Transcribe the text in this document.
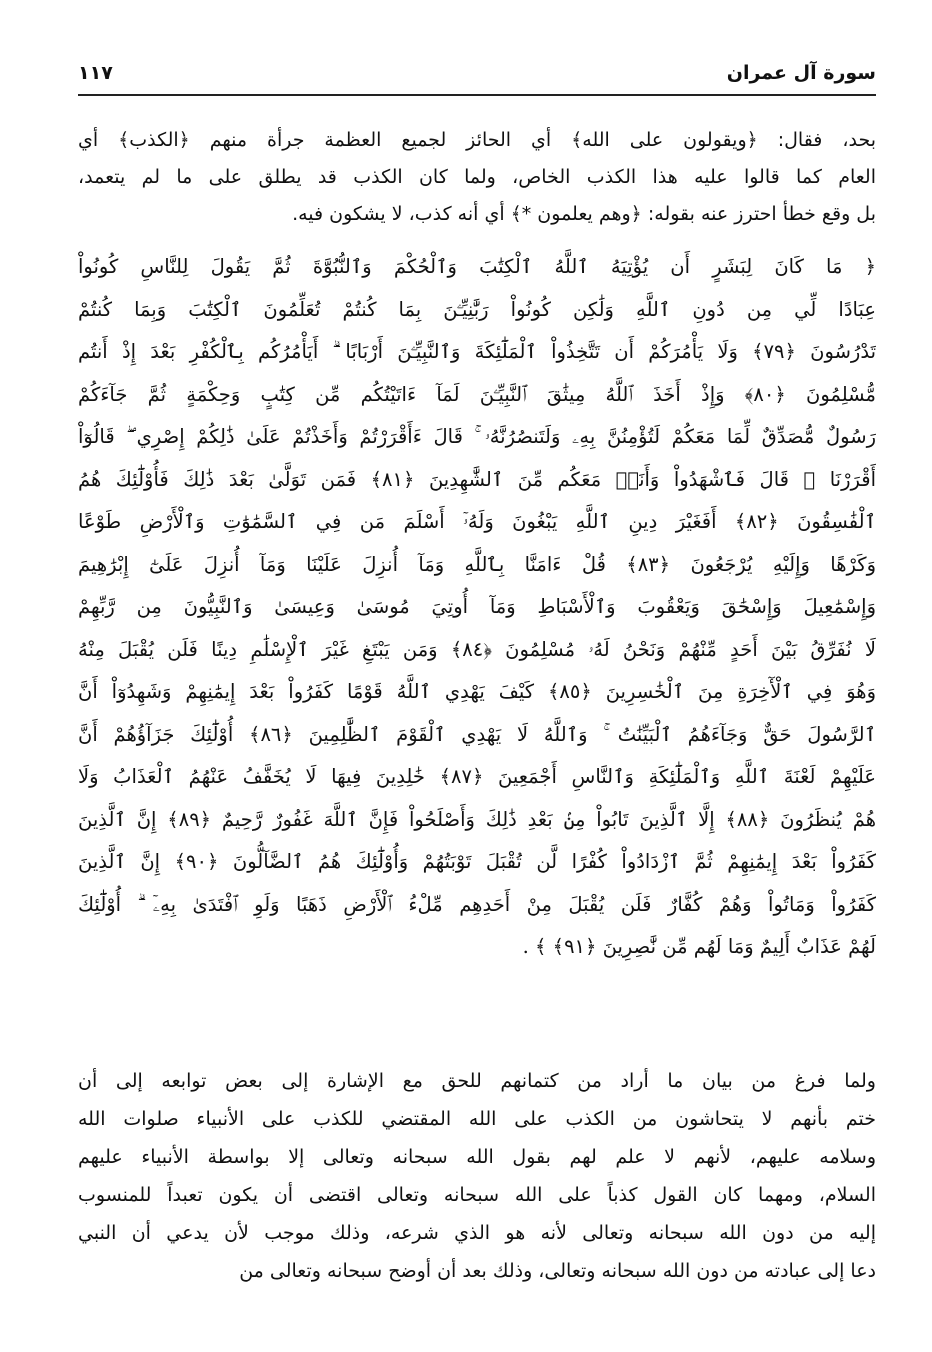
سورة آل عمران
١١٧
بحد، فقال: ﴿ويقولون على الله﴾ أي الحائز لجميع العظمة جرأة منهم ﴿الكذب﴾ أي
العام كما قالوا عليه هذا الكذب الخاص، ولما كان الكذب قد يطلق على ما لم يتعمد،
بل وقع خطأ احترز عنه بقوله: ﴿وهم يعلمون *﴾ أي أنه كذب، لا يشكون فيه.
﴿ مَا كَانَ لِبَشَرٍ أَن يُؤْتِيَهُ ٱللَّهُ ٱلْكِتَٰبَ وَٱلْحُكْمَ وَٱلنُّبُوَّةَ ثُمَّ يَقُولَ لِلنَّاسِ كُونُواْ
عِبَادًا لِّي مِن دُونِ ٱللَّهِ وَلَٰكِن كُونُواْ رَبَّٰنِيِّـۧنَ بِمَا كُنتُمْ تُعَلِّمُونَ ٱلْكِتَٰبَ وَبِمَا كُنتُمْ
تَدْرُسُونَ ﴿٧٩﴾ وَلَا يَأْمُرَكُمْ أَن تَتَّخِذُواْ ٱلْمَلَٰٓئِكَةَ وَٱلنَّبِيِّـۧنَ أَرْبَابًا ۗ أَيَأْمُرُكُم بِٱلْكُفْرِ بَعْدَ إِذْ أَنتُم
مُّسْلِمُونَ ﴿٨٠﴾ وَإِذْ أَخَذَ ٱللَّهُ مِيثَٰقَ ٱلنَّبِيِّـۧنَ لَمَآ ءَاتَيْتُكُم مِّن كِتَٰبٍ وَحِكْمَةٍ ثُمَّ جَآءَكُمْ
رَسُولٌ مُّصَدِّقٌ لِّمَا مَعَكُمْ لَتُؤْمِنُنَّ بِهِۦ وَلَتَنصُرُنَّهُۥ ۚ قَالَ ءَأَقْرَرْتُمْ وَأَخَذْتُمْ عَلَىٰ ذَٰلِكُمْ إِصْرِي ۖ قَالُوٓاْ
أَقْرَرْنَا ۚ قَالَ فَٱشْهَدُواْ وَأَنَا۠ مَعَكُم مِّنَ ٱلشَّٰهِدِينَ ﴿٨١﴾ فَمَن تَوَلَّىٰ بَعْدَ ذَٰلِكَ فَأُوْلَٰٓئِكَ هُمُ
ٱلْفَٰسِقُونَ ﴿٨٢﴾ أَفَغَيْرَ دِينِ ٱللَّهِ يَبْغُونَ وَلَهُۥٓ أَسْلَمَ مَن فِي ٱلسَّمَٰوَٰتِ وَٱلْأَرْضِ طَوْعًا
وَكَرْهًا وَإِلَيْهِ يُرْجَعُونَ ﴿٨٣﴾ قُلْ ءَامَنَّا بِٱللَّهِ وَمَآ أُنزِلَ عَلَيْنَا وَمَآ أُنزِلَ عَلَىٰٓ إِبْرَٰهِيمَ
وَإِسْمَٰعِيلَ وَإِسْحَٰقَ وَيَعْقُوبَ وَٱلْأَسْبَاطِ وَمَآ أُوتِيَ مُوسَىٰ وَعِيسَىٰ وَٱلنَّبِيُّونَ مِن رَّبِّهِمْ
لَا نُفَرِّقُ بَيْنَ أَحَدٍ مِّنْهُمْ وَنَحْنُ لَهُۥ مُسْلِمُونَ ﴿٨٤﴾ وَمَن يَبْتَغِ غَيْرَ ٱلْإِسْلَٰمِ دِينًا فَلَن يُقْبَلَ مِنْهُ
وَهُوَ فِي ٱلْأٓخِرَةِ مِنَ ٱلْخَٰسِرِينَ ﴿٨٥﴾ كَيْفَ يَهْدِي ٱللَّهُ قَوْمًا كَفَرُواْ بَعْدَ إِيمَٰنِهِمْ وَشَهِدُوٓاْ أَنَّ
ٱلرَّسُولَ حَقٌّ وَجَآءَهُمُ ٱلْبَيِّنَٰتُ ۚ وَٱللَّهُ لَا يَهْدِي ٱلْقَوْمَ ٱلظَّٰلِمِينَ ﴿٨٦﴾ أُوْلَٰٓئِكَ جَزَآؤُهُمْ أَنَّ
عَلَيْهِمْ لَعْنَةَ ٱللَّهِ وَٱلْمَلَٰٓئِكَةِ وَٱلنَّاسِ أَجْمَعِينَ ﴿٨٧﴾ خَٰلِدِينَ فِيهَا لَا يُخَفَّفُ عَنْهُمُ ٱلْعَذَابُ وَلَا
هُمْ يُنظَرُونَ ﴿٨٨﴾ إِلَّا ٱلَّذِينَ تَابُواْ مِنۢ بَعْدِ ذَٰلِكَ وَأَصْلَحُواْ فَإِنَّ ٱللَّهَ غَفُورٌ رَّحِيمٌ ﴿٨٩﴾ إِنَّ ٱلَّذِينَ
كَفَرُواْ بَعْدَ إِيمَٰنِهِمْ ثُمَّ ٱزْدَادُواْ كُفْرًا لَّن تُقْبَلَ تَوْبَتُهُمْ وَأُوْلَٰٓئِكَ هُمُ ٱلضَّآلُّونَ ﴿٩٠﴾ إِنَّ ٱلَّذِينَ
كَفَرُواْ وَمَاتُواْ وَهُمْ كُفَّارٌ فَلَن يُقْبَلَ مِنْ أَحَدِهِم مِّلْءُ ٱلْأَرْضِ ذَهَبًا وَلَوِ ٱفْتَدَىٰ بِهِۦٓ ۗ أُوْلَٰٓئِكَ
لَهُمْ عَذَابٌ أَلِيمٌ وَمَا لَهُم مِّن نَّٰصِرِينَ ﴿٩١﴾ ﴾ .
ولما فرغ من بيان ما أراد من كتمانهم للحق مع الإشارة إلى بعض توابعه إلى أن
ختم بأنهم لا يتحاشون من الكذب على الله المقتضي للكذب على الأنبياء صلوات الله
وسلامه عليهم، لأنهم لا علم لهم بقول الله سبحانه وتعالى إلا بواسطة الأنبياء عليهم
السلام، ومهما كان القول كذباً على الله سبحانه وتعالى اقتضى أن يكون تعبداً للمنسوب
إليه من دون الله سبحانه وتعالى لأنه هو الذي شرعه، وذلك موجب لأن يدعي أن النبي
دعا إلى عبادته من دون الله سبحانه وتعالى، وذلك بعد أن أوضح سبحانه وتعالى من
